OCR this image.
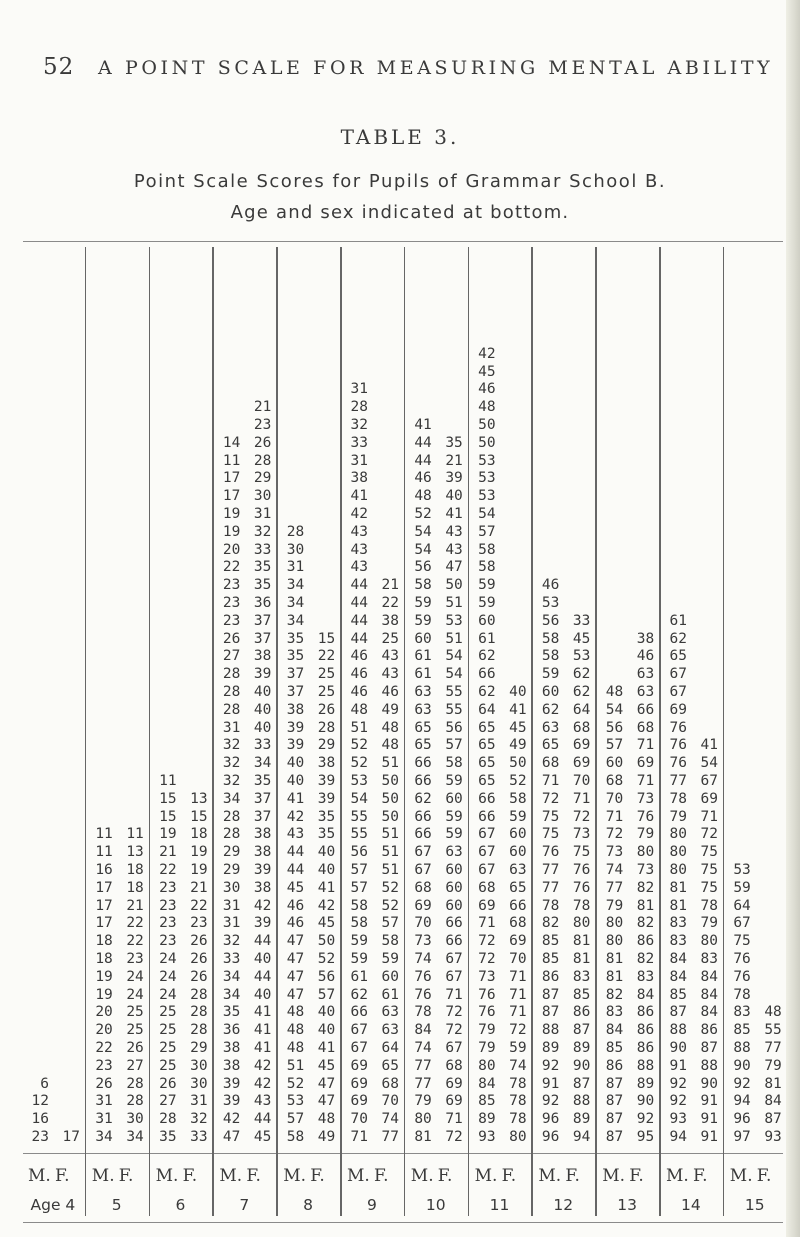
52 A POINT SCALE FOR MEASURING MENTAL ABILITY
TABLE 3.
Point Scale Scores for Pupils of Grammar School B.
Age and sex indicated at bottom.
23
16
12
6
17
M. F.
Age 4
34
31
31
26
23
22
20
20
19
19
18
18
17
17
17
16
11
11
34
30
28
28
27
26
25
25
24
24
23
22
22
21
18
18
13
11
M. F.
5
35
28
27
26
25
25
25
25
24
24
24
23
23
23
23
22
21
19
15
15
11
33
32
31
30
30
29
28
28
28
26
26
26
23
22
21
19
19
18
15
13
M. F.
6
47
42
39
39
38
38
36
35
34
34
33
32
31
31
30
29
29
28
28
34
32
32
32
31
28
28
28
27
26
23
23
23
22
20
19
19
17
17
11
14
45
44
43
42
42
41
41
41
40
44
40
44
39
42
38
39
38
38
37
37
35
34
33
40
40
40
39
38
37
37
36
35
35
33
32
31
30
29
28
26
23
21
M. F.
7
58
57
53
52
51
48
48
48
47
47
47
47
46
46
45
44
44
43
42
41
40
40
39
39
38
37
37
35
35
34
34
34
31
30
28
49
48
47
47
45
41
40
40
57
56
52
50
45
42
41
40
40
35
35
39
39
38
29
28
26
25
25
22
15
M. F.
8
71
70
69
69
69
67
67
66
62
61
59
59
58
58
57
57
56
55
55
54
53
52
52
51
48
46
46
46
44
44
44
44
43
43
43
42
41
38
31
33
32
28
31
77
74
70
68
65
64
63
63
61
60
59
58
57
52
52
51
51
51
50
50
50
51
48
48
49
46
43
43
25
38
22
21
M. F.
9
81
80
79
77
77
74
84
78
76
76
74
73
70
69
68
67
67
66
66
62
66
66
65
65
63
63
61
61
60
59
59
58
56
54
54
52
48
46
44
44
41
72
71
69
69
68
67
72
72
71
67
67
66
66
60
60
60
63
59
59
60
59
58
57
56
55
55
54
54
51
53
51
50
47
43
43
41
40
39
21
35
M. F.
10
93
89
85
84
80
79
79
76
76
73
72
72
71
69
68
67
67
67
66
66
65
65
65
65
64
62
66
62
61
60
59
59
58
58
57
54
53
53
53
50
50
48
46
45
42
80
78
78
78
74
59
72
71
71
71
70
69
68
66
65
63
60
60
59
58
52
50
49
45
41
40
M. F.
11
96
96
92
91
92
89
88
87
87
86
85
85
82
78
77
77
76
75
75
72
71
68
65
63
62
60
59
58
58
56
53
46
94
89
88
87
90
89
87
86
85
83
81
81
80
78
76
76
75
73
72
71
70
69
69
68
64
62
62
53
45
33
M. F.
12
87
87
87
87
86
85
84
83
82
81
81
80
80
79
77
74
73
72
71
70
68
60
57
56
54
48
95
92
90
89
88
86
86
86
84
83
82
86
82
81
82
73
80
79
76
73
71
69
71
68
66
63
63
46
38
M. F.
13
94
93
92
92
91
90
88
87
85
84
84
83
83
81
81
80
80
80
79
78
77
76
76
76
69
67
67
65
62
61
91
91
91
90
88
87
86
84
84
84
83
80
79
78
75
75
75
72
71
69
67
54
41
M. F.
14
97
96
94
92
90
88
85
83
78
76
76
75
67
64
59
53
93
87
84
81
79
77
55
48
M. F.
15
